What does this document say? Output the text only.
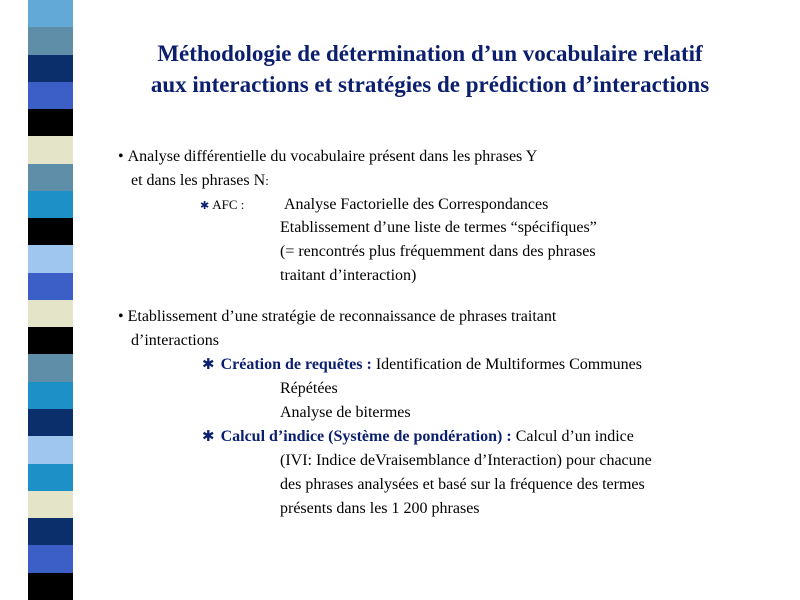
Méthodologie de détermination d’un vocabulaire relatif
aux interactions et stratégies de prédiction d’interactions
• Analyse différentielle du vocabulaire présent dans les phrases Y
et dans les phrases N:
✱ AFC : Analyse Factorielle des Correspondances
Etablissement d’une liste de termes “spécifiques”
(= rencontrés plus fréquemment dans des phrases
traitant d’interaction)
• Etablissement d’une stratégie de reconnaissance de phrases traitant
d’interactions
✱ Création de requêtes : Identification de Multiformes Communes
Répétées
Analyse de bitermes
✱ Calcul d’indice (Système de pondération) : Calcul d’un indice
(IVI: Indice deVraisemblance d’Interaction) pour chacune
des phrases analysées et basé sur la fréquence des termes
présents dans les 1 200 phrases
